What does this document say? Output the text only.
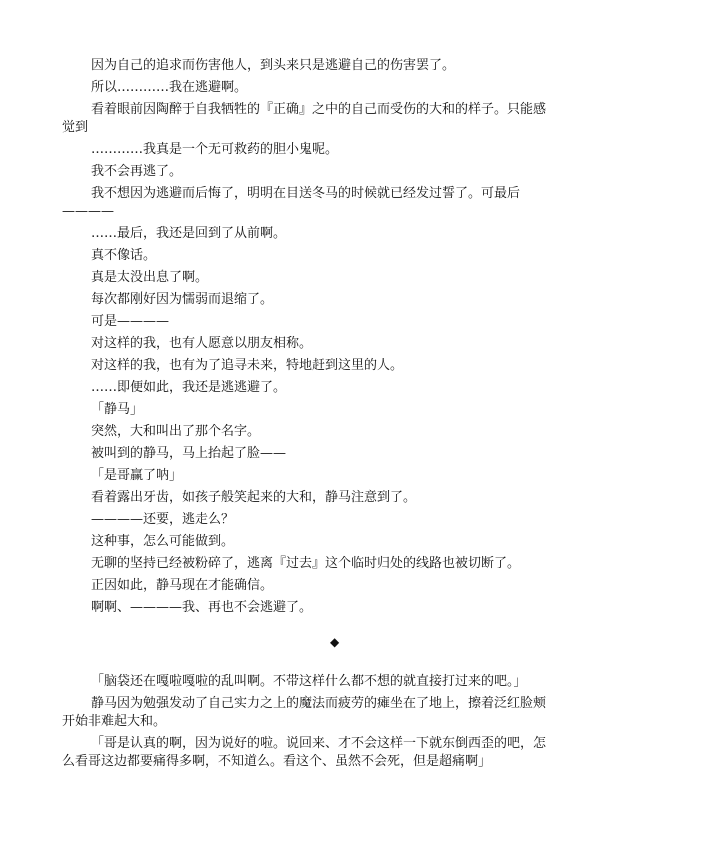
因为自己的追求而伤害他人，到头来只是逃避自己的伤害罢了。

所以…………我在逃避啊。

看着眼前因陶醉于自我牺牲的『正确』之中的自己而受伤的大和的样子。只能感
觉到

…………我真是一个无可救药的胆小鬼呢。

我不会再逃了。

我不想因为逃避而后悔了，明明在目送冬马的时候就已经发过誓了。可最后
————

……最后，我还是回到了从前啊。

真不像话。

真是太没出息了啊。

每次都刚好因为懦弱而退缩了。

可是————

对这样的我，也有人愿意以朋友相称。

对这样的我，也有为了追寻未来，特地赶到这里的人。

……即便如此，我还是逃逃避了。

「静马」

突然，大和叫出了那个名字。

被叫到的静马，马上抬起了脸——

「是哥赢了呐」

看着露出牙齿，如孩子般笑起来的大和，静马注意到了。

————还要，逃走么？

这种事，怎么可能做到。

无聊的坚持已经被粉碎了，逃离『过去』这个临时归处的线路也被切断了。

正因如此，静马现在才能确信。

啊啊、————我、再也不会逃避了。

◆

「脑袋还在嘎啦嘎啦的乱叫啊。不带这样什么都不想的就直接打过来的吧。」

静马因为勉强发动了自己实力之上的魔法而疲劳的瘫坐在了地上，擦着泛红脸颊
开始非难起大和。

「哥是认真的啊，因为说好的啦。说回来、才不会这样一下就东倒西歪的吧，怎
么看哥这边都要痛得多啊，不知道么。看这个、虽然不会死，但是超痛啊」
